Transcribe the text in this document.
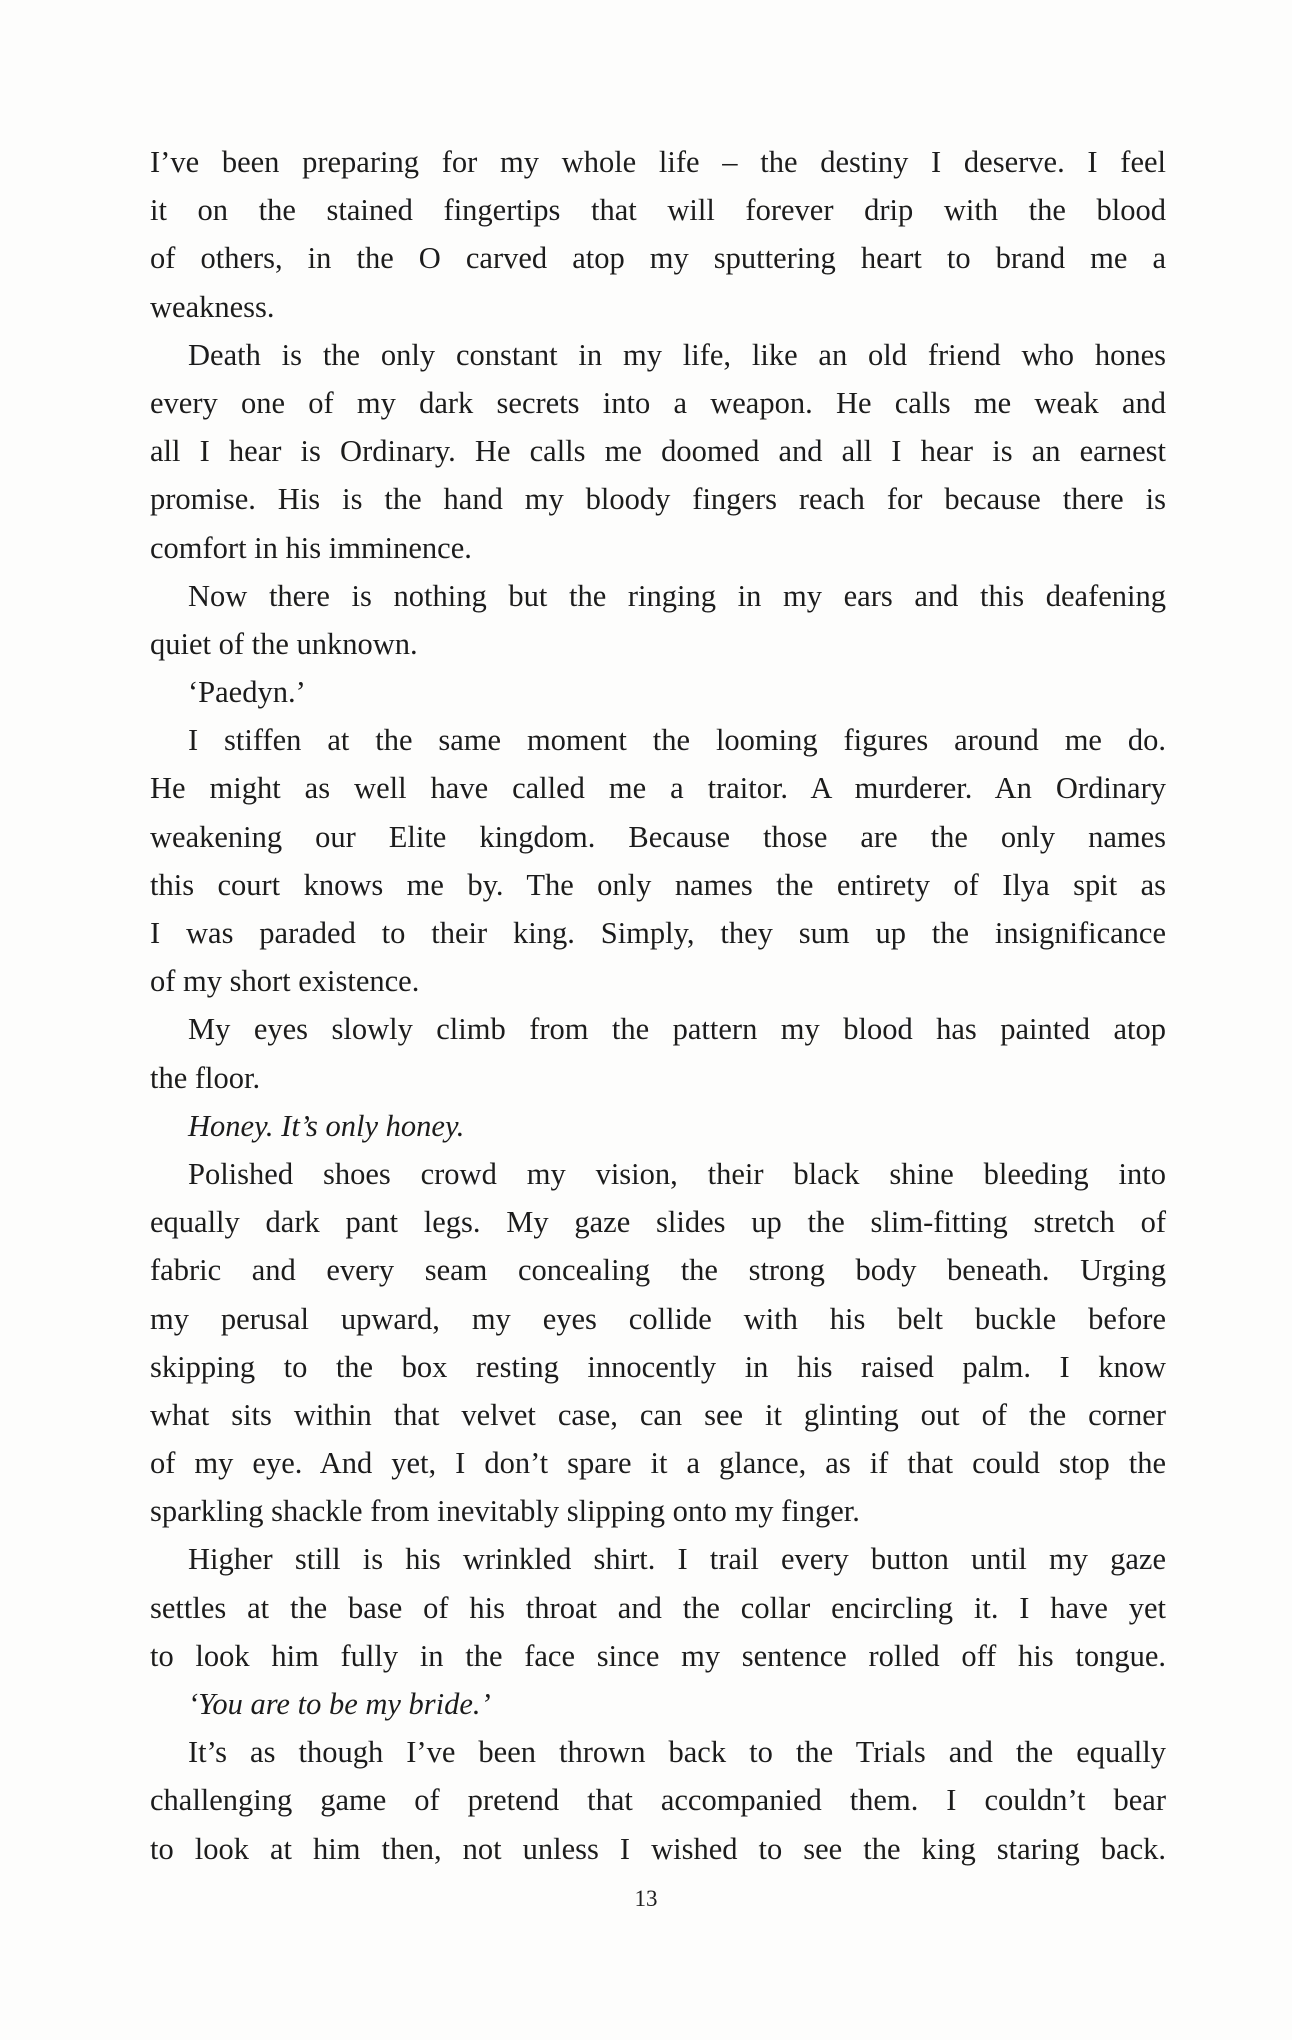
I’ve been preparing for my whole life – the destiny I deserve. I feel
it on the stained fingertips that will forever drip with the blood
of others, in the O carved atop my sputtering heart to brand me a
weakness.
Death is the only constant in my life, like an old friend who hones
every one of my dark secrets into a weapon. He calls me weak and
all I hear is Ordinary. He calls me doomed and all I hear is an earnest
promise. His is the hand my bloody fingers reach for because there is
comfort in his imminence.
Now there is nothing but the ringing in my ears and this deafening
quiet of the unknown.
‘Paedyn.’
I stiffen at the same moment the looming figures around me do.
He might as well have called me a traitor. A murderer. An Ordinary
weakening our Elite kingdom. Because those are the only names
this court knows me by. The only names the entirety of Ilya spit as
I was paraded to their king. Simply, they sum up the insignificance
of my short existence.
My eyes slowly climb from the pattern my blood has painted atop
the floor.
Honey. It’s only honey.
Polished shoes crowd my vision, their black shine bleeding into
equally dark pant legs. My gaze slides up the slim-fitting stretch of
fabric and every seam concealing the strong body beneath. Urging
my perusal upward, my eyes collide with his belt buckle before
skipping to the box resting innocently in his raised palm. I know
what sits within that velvet case, can see it glinting out of the corner
of my eye. And yet, I don’t spare it a glance, as if that could stop the
sparkling shackle from inevitably slipping onto my finger.
Higher still is his wrinkled shirt. I trail every button until my gaze
settles at the base of his throat and the collar encircling it. I have yet
to look him fully in the face since my sentence rolled off his tongue.
‘You are to be my bride.’
It’s as though I’ve been thrown back to the Trials and the equally
challenging game of pretend that accompanied them. I couldn’t bear
to look at him then, not unless I wished to see the king staring back.
13
